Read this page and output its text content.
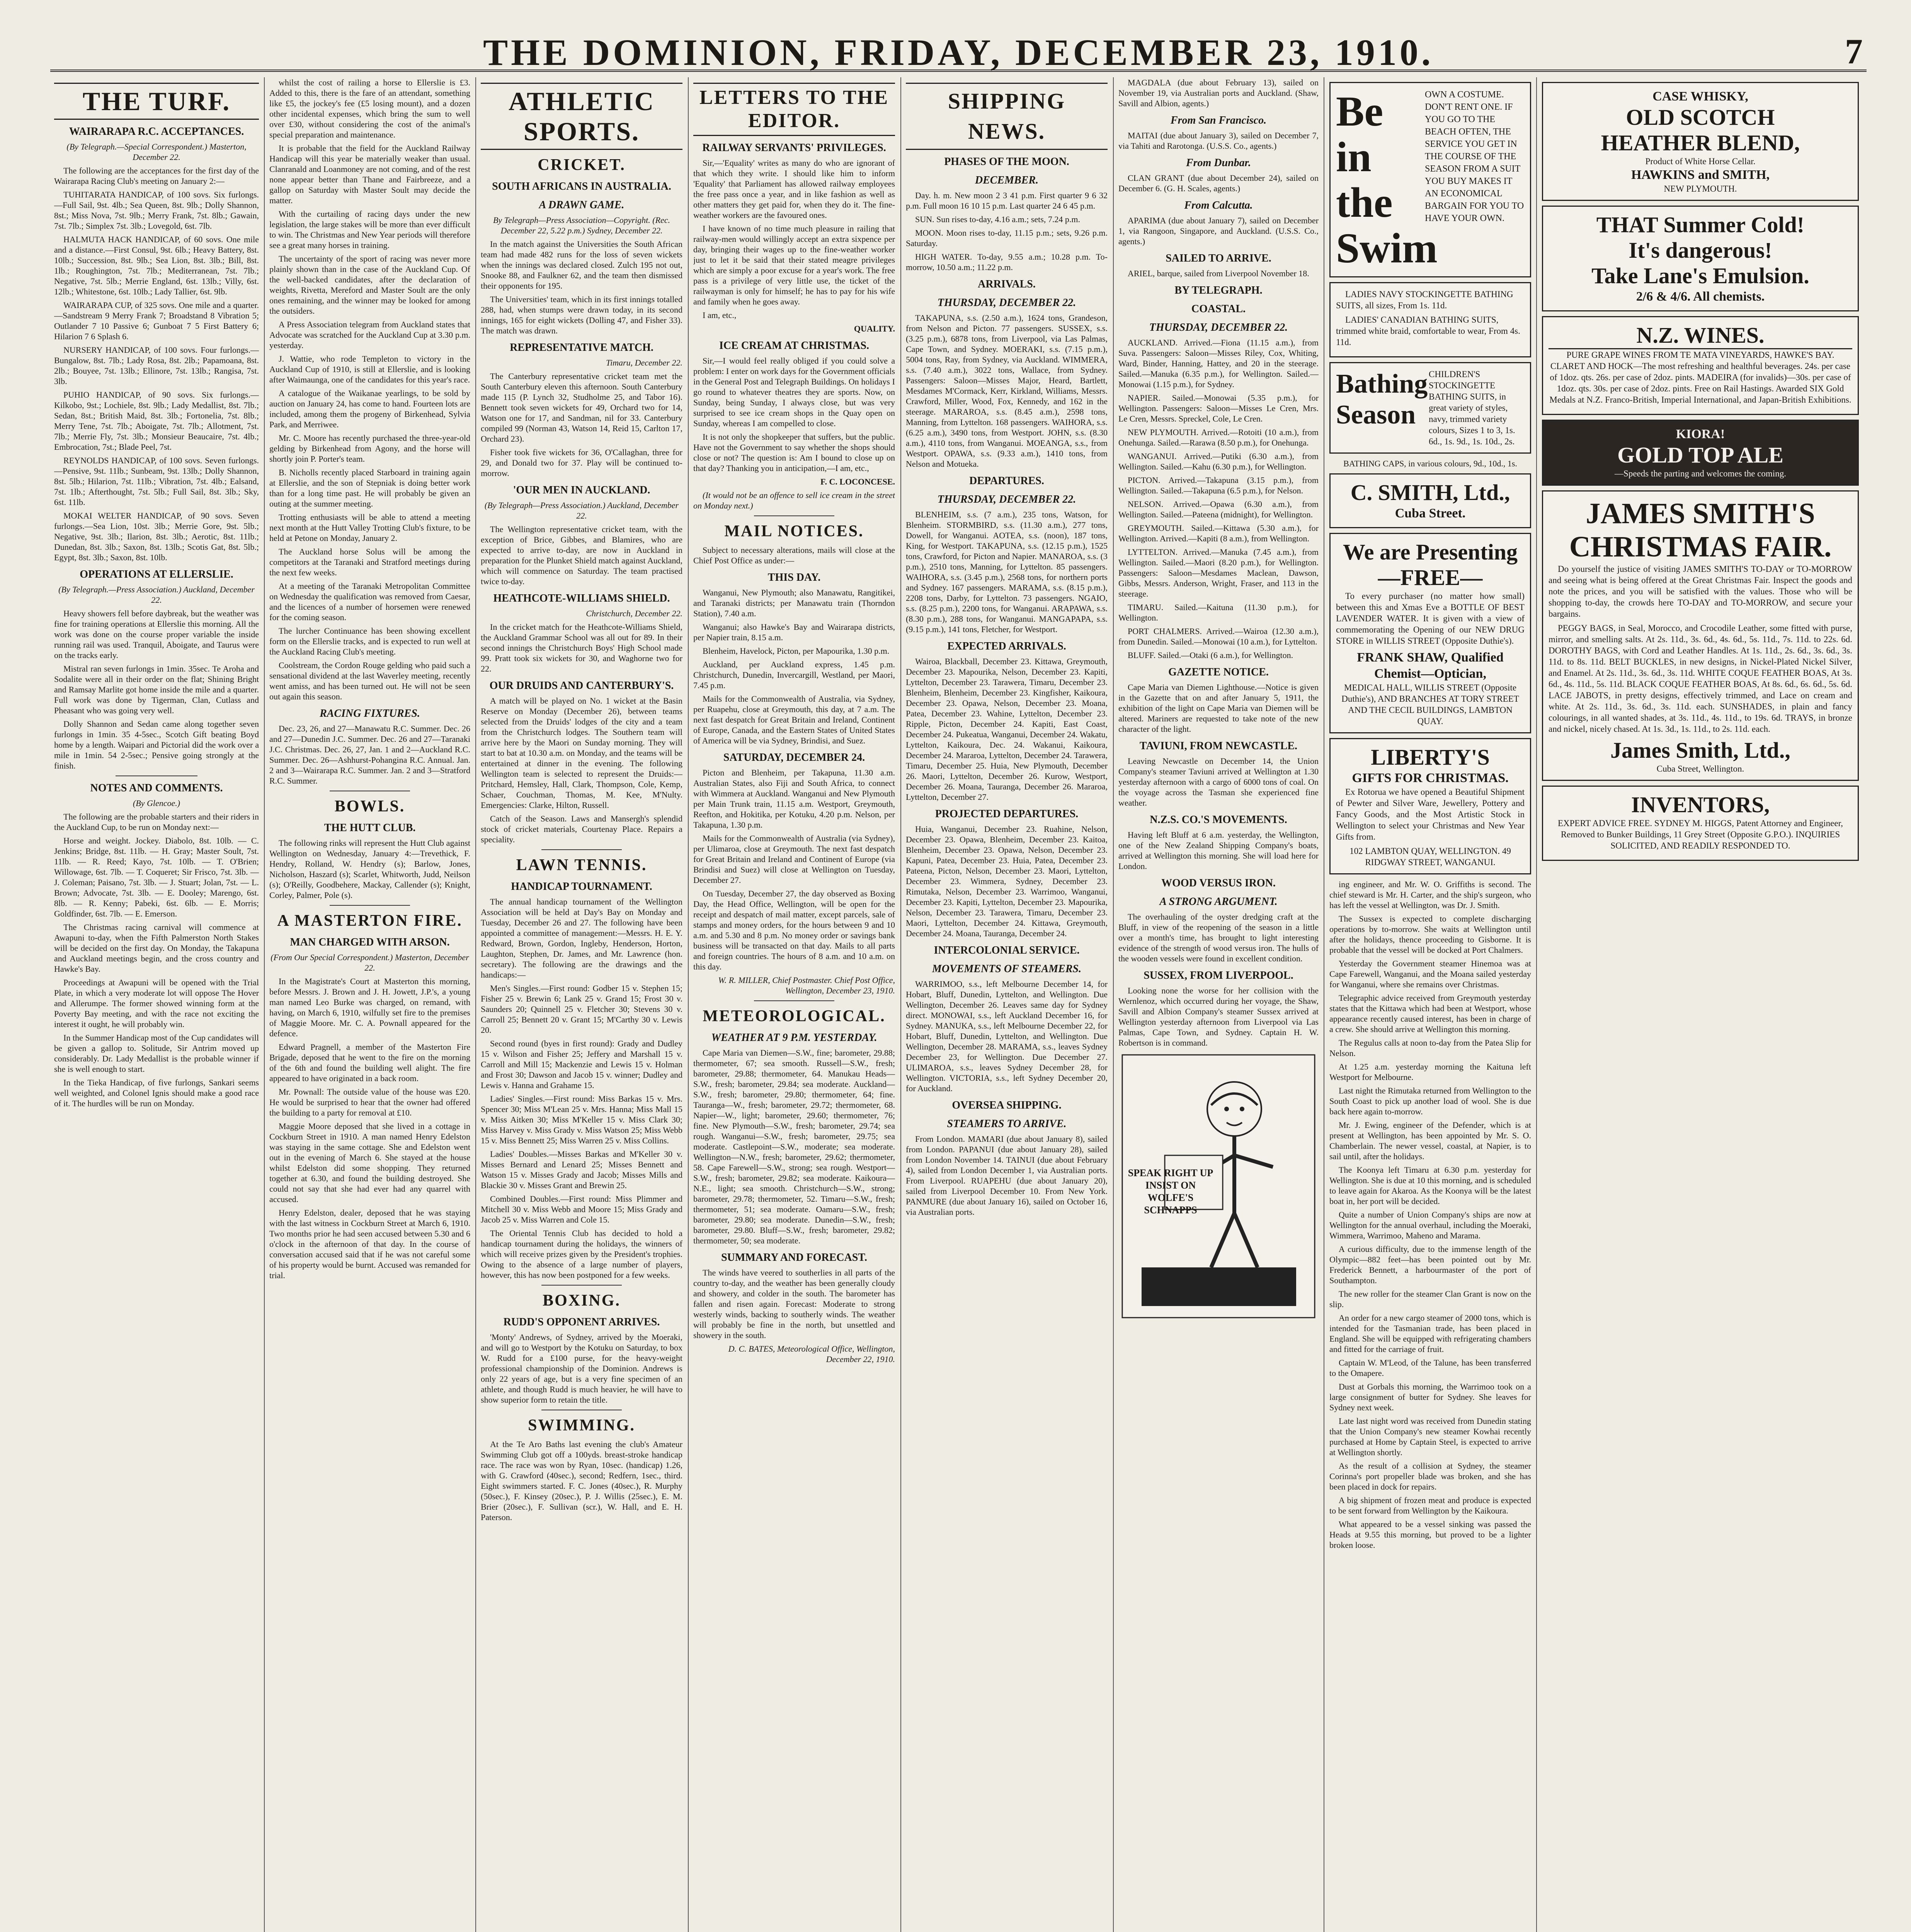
THE DOMINION, FRIDAY, DECEMBER 23, 1910.	7
THE TURF.
WAIRARAPA R.C. ACCEPTANCES.

(By Telegraph.—Special Correspondent.) Masterton, December 22.

The following are the acceptances for the first day of the Wairarapa Racing Club's meeting on January 2:—

TUHITARATA HANDICAP, of 100 sovs. Six furlongs.—Full Sail, 9st. 4lb.; Sea Queen, 8st. 9lb.; Dolly Shannon, 8st.; Miss Nova, 7st. 9lb.; Merry Frank, 7st. 8lb.; Gawain, 7st. 7lb.; Simplex 7st. 3lb.; Lovegold, 6st. 7lb.

HALMUTA HACK HANDICAP, of 60 sovs. One mile and a distance.—First Consul, 9st. 6lb.; Heavy Battery, 8st. 10lb.; Succession, 8st. 9lb.; Sea Lion, 8st. 3lb.; Bill, 8st. 1lb.; Roughington, 7st. 7lb.; Mediterranean, 7st. 7lb.; Negative, 7st. 5lb.; Merrie England, 6st. 13lb.; Villy, 6st. 12lb.; Whitestone, 6st. 10lb.; Lady Tallier, 6st. 9lb.

WAIRARAPA CUP, of 325 sovs. One mile and a quarter.—Sandstream 9 Merry Frank 7; Broadstand 8 Vibration 5; Outlander 7 10 Passive 6; Gunboat 7 5 First Battery 6; Hilarion 7 6 Splash 6.

NURSERY HANDICAP, of 100 sovs. Four furlongs.—Bungalow, 8st. 7lb.; Lady Rosa, 8st. 2lb.; Papamoana, 8st. 2lb.; Bouyee, 7st. 13lb.; Ellinore, 7st. 13lb.; Rangisa, 7st. 3lb.

PUHIO HANDICAP, of 90 sovs. Six furlongs.—Kilkobo, 9st.; Lochiele, 8st. 9lb.; Lady Medallist, 8st. 7lb.; Sedan, 8st.; British Maid, 8st. 3lb.; Fortonelia, 7st. 8lb.; Merry Tene, 7st. 7lb.; Aboigate, 7st. 7lb.; Allotment, 7st. 7lb.; Merrie Fly, 7st. 3lb.; Monsieur Beaucaire, 7st. 4lb.; Embrocation, 7st.; Blade Peel, 7st.

REYNOLDS HANDICAP, of 100 sovs. Seven furlongs.—Pensive, 9st. 11lb.; Sunbeam, 9st. 13lb.; Dolly Shannon, 8st. 5lb.; Hilarion, 7st. 11lb.; Vibration, 7st. 4lb.; Ealsand, 7st. 1lb.; Afterthought, 7st. 5lb.; Full Sail, 8st. 3lb.; Sky, 6st. 11lb.

MOKAI WELTER HANDICAP, of 90 sovs. Seven furlongs.—Sea Lion, 10st. 3lb.; Merrie Gore, 9st. 5lb.; Negative, 9st. 3lb.; Ilarion, 8st. 3lb.; Aerotic, 8st. 11lb.; Dunedan, 8st. 3lb.; Saxon, 8st. 13lb.; Scotis Gat, 8st. 5lb.; Egypt, 8st. 3lb.; Saxon, 8st. 10lb.

OPERATIONS AT ELLERSLIE.

(By Telegraph.—Press Association.) Auckland, December 22.

Heavy showers fell before daybreak, but the weather was fine for training operations at Ellerslie this morning. All the work was done on the course proper variable the inside running rail was used. Tranquil, Aboigate, and Taurus were on the tracks early.

Mistral ran seven furlongs in 1min. 35sec. Te Aroha and Sodalite were all in their order on the flat; Shining Bright and Ramsay Marlite got home inside the mile and a quarter. Full work was done by Tigerman, Clan, Cutlass and Pheasant who was going very well.

Dolly Shannon and Sedan came along together seven furlongs in 1min. 35 4-5sec., Scotch Gift beating Boyd home by a length. Waipari and Pictorial did the work over a mile in 1min. 54 2-5sec.; Pensive going strongly at the finish.

NOTES AND COMMENTS.

(By Glencoe.)

The following are the probable starters and their riders in the Auckland Cup, to be run on Monday next:—

Horse and weight. Jockey. Diabolo, 8st. 10lb. — C. Jenkins; Bridge, 8st. 11lb. — H. Gray; Master Soult, 7st. 11lb. — R. Reed; Kayo, 7st. 10lb. — T. O'Brien; Willowage, 6st. 7lb. — T. Coqueret; Sir Frisco, 7st. 3lb. — J. Coleman; Paisano, 7st. 3lb. — J. Stuart; Jolan, 7st. — L. Brown; Advocate, 7st. 3lb. — E. Dooley; Marengo, 6st. 8lb. — R. Kenny; Pabeki, 6st. 6lb. — E. Morris; Goldfinder, 6st. 7lb. — E. Emerson.

The Christmas racing carnival will commence at Awapuni to-day, when the Fifth Palmerston North Stakes will be decided on the first day. On Monday, the Takapuna and Auckland meetings begin, and the cross country and Hawke's Bay.

Proceedings at Awapuni will be opened with the Trial Plate, in which a very moderate lot will oppose The Hover and Allerumpe. The former showed winning form at the Poverty Bay meeting, and with the race not exciting the interest it ought, he will probably win.

In the Summer Handicap most of the Cup candidates will be given a gallop to. Solitude, Sir Antrim moved up considerably. Dr. Lady Medallist is the probable winner if she is well enough to start.

In the Tieka Handicap, of five furlongs, Sankari seems well weighted, and Colonel Ignis should make a good race of it. The hurdles will be run on Monday.

whilst the cost of railing a horse to Ellerslie is £3. Added to this, there is the fare of an attendant, something like £5, the jockey's fee (£5 losing mount), and a dozen other incidental expenses, which bring the sum to well over £30, without considering the cost of the animal's special preparation and maintenance.

It is probable that the field for the Auckland Railway Handicap will this year be materially weaker than usual. Clanranald and Loanmoney are not coming, and of the rest none appear better than Thane and Fairbreeze, and a gallop on Saturday with Master Soult may decide the matter.

With the curtailing of racing days under the new legislation, the large stakes will be more than ever difficult to win. The Christmas and New Year periods will therefore see a great many horses in training.

The uncertainty of the sport of racing was never more plainly shown than in the case of the Auckland Cup. Of the well-backed candidates, after the declaration of weights, Rivetta, Mereford and Master Soult are the only ones remaining, and the winner may be looked for among the outsiders.

A Press Association telegram from Auckland states that Advocate was scratched for the Auckland Cup at 3.30 p.m. yesterday.

J. Wattie, who rode Templeton to victory in the Auckland Cup of 1910, is still at Ellerslie, and is looking after Waimaunga, one of the candidates for this year's race.

A catalogue of the Waikanae yearlings, to be sold by auction on January 24, has come to hand. Fourteen lots are included, among them the progeny of Birkenhead, Sylvia Park, and Merriwee.

Mr. C. Moore has recently purchased the three-year-old gelding by Birkenhead from Agony, and the horse will shortly join P. Porter's team.

B. Nicholls recently placed Starboard in training again at Ellerslie, and the son of Stepniak is doing better work than for a long time past. He will probably be given an outing at the summer meeting.

Trotting enthusiasts will be able to attend a meeting next month at the Hutt Valley Trotting Club's fixture, to be held at Petone on Monday, January 2.

The Auckland horse Solus will be among the competitors at the Taranaki and Stratford meetings during the next few weeks.

At a meeting of the Taranaki Metropolitan Committee on Wednesday the qualification was removed from Caesar, and the licences of a number of horsemen were renewed for the coming season.

The lurcher Continuance has been showing excellent form on the Ellerslie tracks, and is expected to run well at the Auckland Racing Club's meeting.

Coolstream, the Cordon Rouge gelding who paid such a sensational dividend at the last Waverley meeting, recently went amiss, and has been turned out. He will not be seen out again this season.

RACING FIXTURES.

Dec. 23, 26, and 27—Manawatu R.C. Summer. Dec. 26 and 27—Dunedin J.C. Summer. Dec. 26 and 27—Taranaki J.C. Christmas. Dec. 26, 27, Jan. 1 and 2—Auckland R.C. Summer. Dec. 26—Ashhurst-Pohangina R.C. Annual. Jan. 2 and 3—Wairarapa R.C. Summer. Jan. 2 and 3—Stratford R.C. Summer.

BOWLS.
THE HUTT CLUB.

The following rinks will represent the Hutt Club against Wellington on Wednesday, January 4:—Trevethick, F. Hendry, Rolland, W. Hendry (s); Barlow, Jones, Nicholson, Haszard (s); Scarlet, Whitworth, Judd, Neilson (s); O'Reilly, Goodbehere, Mackay, Callender (s); Knight, Corley, Palmer, Pole (s).

A MASTERTON FIRE.
MAN CHARGED WITH ARSON.

(From Our Special Correspondent.) Masterton, December 22.

In the Magistrate's Court at Masterton this morning, before Messrs. J. Brown and J. H. Jowett, J.P.'s, a young man named Leo Burke was charged, on remand, with having, on March 6, 1910, wilfully set fire to the premises of Maggie Moore. Mr. C. A. Pownall appeared for the defence.

Edward Pragnell, a member of the Masterton Fire Brigade, deposed that he went to the fire on the morning of the 6th and found the building well alight. The fire appeared to have originated in a back room.

Mr. Pownall: The outside value of the house was £20. He would be surprised to hear that the owner had offered the building to a party for removal at £10.

Maggie Moore deposed that she lived in a cottage in Cockburn Street in 1910. A man named Henry Edelston was staying in the same cottage. She and Edelston went out in the evening of March 6. She stayed at the house whilst Edelston did some shopping. They returned together at 6.30, and found the building destroyed. She could not say that she had ever had any quarrel with accused.

Henry Edelston, dealer, deposed that he was staying with the last witness in Cockburn Street at March 6, 1910. Two months prior he had seen accused between 5.30 and 6 o'clock in the afternoon of that day. In the course of conversation accused said that if he was not careful some of his property would be burnt. Accused was remanded for trial.

ATHLETIC SPORTS.
CRICKET.
SOUTH AFRICANS IN AUSTRALIA.
A DRAWN GAME.

By Telegraph—Press Association—Copyright. (Rec. December 22, 5.22 p.m.) Sydney, December 22.

In the match against the Universities the South African team had made 482 runs for the loss of seven wickets when the innings was declared closed. Zulch 195 not out, Snooke 88, and Faulkner 62, and the team then dismissed their opponents for 195.

The Universities' team, which in its first innings totalled 288, had, when stumps were drawn today, in its second innings, 165 for eight wickets (Dolling 47, and Fisher 33). The match was drawn.

REPRESENTATIVE MATCH.

Timaru, December 22.

The Canterbury representative cricket team met the South Canterbury eleven this afternoon. South Canterbury made 115 (P. Lynch 32, Studholme 25, and Tabor 16). Bennett took seven wickets for 49, Orchard two for 14, Watson one for 17, and Sandman, nil for 33. Canterbury compiled 99 (Norman 43, Watson 14, Reid 15, Carlton 17, Orchard 23).

Fisher took five wickets for 36, O'Callaghan, three for 29, and Donald two for 37. Play will be continued to-morrow.

'OUR MEN IN AUCKLAND.

(By Telegraph—Press Association.) Auckland, December 22.

The Wellington representative cricket team, with the exception of Brice, Gibbes, and Blamires, who are expected to arrive to-day, are now in Auckland in preparation for the Plunket Shield match against Auckland, which will commence on Saturday. The team practised twice to-day.

HEATHCOTE-WILLIAMS SHIELD.

Christchurch, December 22.

In the cricket match for the Heathcote-Williams Shield, the Auckland Grammar School was all out for 89. In their second innings the Christchurch Boys' High School made 99. Pratt took six wickets for 30, and Waghorne two for 22.

OUR DRUIDS AND CANTERBURY'S.

A match will be played on No. 1 wicket at the Basin Reserve on Monday (December 26), between teams selected from the Druids' lodges of the city and a team from the Christchurch lodges. The Southern team will arrive here by the Maori on Sunday morning. They will start to bat at 10.30 a.m. on Monday, and the teams will be entertained at dinner in the evening. The following Wellington team is selected to represent the Druids:— Pritchard, Hemsley, Hall, Clark, Thompson, Cole, Kemp, Schaer, Couchman, Thomas, M. Kee, M'Nulty. Emergencies: Clarke, Hilton, Russell.

Catch of the Season. Laws and Mansergh's splendid stock of cricket materials, Courtenay Place. Repairs a speciality.

LAWN TENNIS.
HANDICAP TOURNAMENT.

The annual handicap tournament of the Wellington Association will be held at Day's Bay on Monday and Tuesday, December 26 and 27. The following have been appointed a committee of management:—Messrs. H. E. Y. Redward, Brown, Gordon, Ingleby, Henderson, Horton, Laughton, Stephen, Dr. James, and Mr. Lawrence (hon. secretary). The following are the drawings and the handicaps:—

Men's Singles.—First round: Godber 15 v. Stephen 15; Fisher 25 v. Brewin 6; Lank 25 v. Grand 15; Frost 30 v. Saunders 20; Quinnell 25 v. Fletcher 30; Stevens 30 v. Carroll 25; Bennett 20 v. Grant 15; M'Carthy 30 v. Lewis 20.

Second round (byes in first round): Grady and Dudley 15 v. Wilson and Fisher 25; Jeffery and Marshall 15 v. Carroll and Mill 15; Mackenzie and Lewis 15 v. Holman and Frost 30; Dawson and Jacob 15 v. winner; Dudley and Lewis v. Hanna and Grahame 15.

Ladies' Singles.—First round: Miss Barkas 15 v. Mrs. Spencer 30; Miss M'Lean 25 v. Mrs. Hanna; Miss Mall 15 v. Miss Aitken 30; Miss M'Keller 15 v. Miss Clark 30; Miss Harvey v. Miss Grady v. Miss Watson 25; Miss Webb 15 v. Miss Bennett 25; Miss Warren 25 v. Miss Collins.

Ladies' Doubles.—Misses Barkas and M'Keller 30 v. Misses Bernard and Lenard 25; Misses Bennett and Watson 15 v. Misses Grady and Jacob; Misses Mills and Blackie 30 v. Misses Grant and Brewin 25.

Combined Doubles.—First round: Miss Plimmer and Mitchell 30 v. Miss Webb and Moore 15; Miss Grady and Jacob 25 v. Miss Warren and Cole 15.

The Oriental Tennis Club has decided to hold a handicap tournament during the holidays, the winners of which will receive prizes given by the President's trophies. Owing to the absence of a large number of players, however, this has now been postponed for a few weeks.

BOXING.
RUDD'S OPPONENT ARRIVES.

'Monty' Andrews, of Sydney, arrived by the Moeraki, and will go to Westport by the Kotuku on Saturday, to box W. Rudd for a £100 purse, for the heavy-weight professional championship of the Dominion. Andrews is only 22 years of age, but is a very fine specimen of an athlete, and though Rudd is much heavier, he will have to show superior form to retain the title.

SWIMMING.

At the Te Aro Baths last evening the club's Amateur Swimming Club got off a 100yds. breast-stroke handicap race. The race was won by Ryan, 10sec. (handicap) 1.26, with G. Crawford (40sec.), second; Redfern, 1sec., third. Eight swimmers started. F. C. Jones (40sec.), R. Murphy (50sec.), F. Kinsey (20sec.), P. J. Willis (25sec.), E. M. Brier (20sec.), F. Sullivan (scr.), W. Hall, and E. H. Paterson.

LETTERS TO THE EDITOR.
RAILWAY SERVANTS' PRIVILEGES.

Sir,—'Equality' writes as many do who are ignorant of that which they write. I should like him to inform 'Equality' that Parliament has allowed railway employees the free pass once a year, and in like fashion as well as other matters they get paid for, when they do it. The fine-weather workers are the favoured ones.

I have known of no time much pleasure in railing that railway-men would willingly accept an extra sixpence per day, bringing their wages up to the fine-weather worker just to let it be said that their stated meagre privileges which are simply a poor excuse for a year's work. The free pass is a privilege of very little use, the ticket of the railwayman is only for himself; he has to pay for his wife and family when he goes away.

I am, etc.,

QUALITY.

ICE CREAM AT CHRISTMAS.

Sir,—I would feel really obliged if you could solve a problem: I enter on work days for the Government officials in the General Post and Telegraph Buildings. On holidays I go round to whatever theatres they are sports. Now, on Sunday, being Sunday, I always close, but was very surprised to see ice cream shops in the Quay open on Sunday, whereas I am compelled to close.

It is not only the shopkeeper that suffers, but the public. Have not the Government to say whether the shops should close or not? The question is: Am I bound to close up on that day? Thanking you in anticipation,—I am, etc.,

F. C. LOCONCESE.

(It would not be an offence to sell ice cream in the street on Monday next.)

MAIL NOTICES.

Subject to necessary alterations, mails will close at the Chief Post Office as under:—

THIS DAY.

Wanganui, New Plymouth; also Manawatu, Rangitikei, and Taranaki districts; per Manawatu train (Thorndon Station), 7.40 a.m.

Wanganui; also Hawke's Bay and Wairarapa districts, per Napier train, 8.15 a.m.

Blenheim, Havelock, Picton, per Mapourika, 1.30 p.m.

Auckland, per Auckland express, 1.45 p.m. Christchurch, Dunedin, Invercargill, Westland, per Maori, 7.45 p.m.

Mails for the Commonwealth of Australia, via Sydney, per Ruapehu, close at Greymouth, this day, at 7 a.m. The next fast despatch for Great Britain and Ireland, Continent of Europe, Canada, and the Eastern States of United States of America will be via Sydney, Brindisi, and Suez.

SATURDAY, DECEMBER 24.

Picton and Blenheim, per Takapuna, 11.30 a.m. Australian States, also Fiji and South Africa, to connect with Wimmera at Auckland. Wanganui and New Plymouth per Main Trunk train, 11.15 a.m. Westport, Greymouth, Reefton, and Hokitika, per Kotuku, 4.20 p.m. Nelson, per Takapuna, 1.30 p.m.

Mails for the Commonwealth of Australia (via Sydney), per Ulimaroa, close at Greymouth. The next fast despatch for Great Britain and Ireland and Continent of Europe (via Brindisi and Suez) will close at Wellington on Tuesday, December 27.

On Tuesday, December 27, the day observed as Boxing Day, the Head Office, Wellington, will be open for the receipt and despatch of mail matter, except parcels, sale of stamps and money orders, for the hours between 9 and 10 a.m. and 5.30 and 8 p.m. No money order or savings bank business will be transacted on that day. Mails to all parts and foreign countries. The hours of 8 a.m. and 10 a.m. on this day.

W. R. MILLER, Chief Postmaster. Chief Post Office, Wellington, December 23, 1910.

METEOROLOGICAL.
WEATHER AT 9 P.M. YESTERDAY.

Cape Maria van Diemen—S.W., fine; barometer, 29.88; thermometer, 67; sea smooth. Russell—S.W., fresh; barometer, 29.88; thermometer, 64. Manukau Heads—S.W., fresh; barometer, 29.84; sea moderate. Auckland—S.W., fresh; barometer, 29.80; thermometer, 64; fine. Tauranga—W., fresh; barometer, 29.72; thermometer, 68. Napier—W., light; barometer, 29.60; thermometer, 76; fine. New Plymouth—S.W., fresh; barometer, 29.74; sea rough. Wanganui—S.W., fresh; barometer, 29.75; sea moderate. Castlepoint—S.W., moderate; sea moderate. Wellington—N.W., fresh; barometer, 29.62; thermometer, 58. Cape Farewell—S.W., strong; sea rough. Westport—S.W., fresh; barometer, 29.82; sea moderate. Kaikoura—N.E., light; sea smooth. Christchurch—S.W., strong; barometer, 29.78; thermometer, 52. Timaru—S.W., fresh; thermometer, 51; sea moderate. Oamaru—S.W., fresh; barometer, 29.80; sea moderate. Dunedin—S.W., fresh; barometer, 29.80. Bluff—S.W., fresh; barometer, 29.82; thermometer, 50; sea moderate.

SUMMARY AND FORECAST.

The winds have veered to southerlies in all parts of the country to-day, and the weather has been generally cloudy and showery, and colder in the south. The barometer has fallen and risen again. Forecast: Moderate to strong westerly winds, backing to southerly winds. The weather will probably be fine in the north, but unsettled and showery in the south.

D. C. BATES, Meteorological Office, Wellington, December 22, 1910.

SHIPPING NEWS.
PHASES OF THE MOON.
DECEMBER.

Day. h. m. New moon 2 3 41 p.m. First quarter 9 6 32 p.m. Full moon 16 10 15 p.m. Last quarter 24 6 45 p.m.

SUN. Sun rises to-day, 4.16 a.m.; sets, 7.24 p.m.

MOON. Moon rises to-day, 11.15 p.m.; sets, 9.26 p.m. Saturday.

HIGH WATER. To-day, 9.55 a.m.; 10.28 p.m. To-morrow, 10.50 a.m.; 11.22 p.m.

ARRIVALS.
THURSDAY, DECEMBER 22.

TAKAPUNA, s.s. (2.50 a.m.), 1624 tons, Grandeson, from Nelson and Picton. 77 passengers. SUSSEX, s.s. (3.25 p.m.), 6878 tons, from Liverpool, via Las Palmas, Cape Town, and Sydney. MOERAKI, s.s. (7.15 p.m.), 5004 tons, Ray, from Sydney, via Auckland. WIMMERA, s.s. (7.40 a.m.), 3022 tons, Wallace, from Sydney. Passengers: Saloon—Misses Major, Heard, Bartlett, Mesdames M'Cormack, Kerr, Kirkland, Williams, Messrs. Crawford, Miller, Wood, Fox, Kennedy, and 162 in the steerage. MARAROA, s.s. (8.45 a.m.), 2598 tons, Manning, from Lyttelton. 168 passengers. WAIHORA, s.s. (6.25 a.m.), 3490 tons, from Westport. JOHN, s.s. (8.30 a.m.), 4110 tons, from Wanganui. MOEANGA, s.s., from Westport. OPAWA, s.s. (9.33 a.m.), 1410 tons, from Nelson and Motueka.

DEPARTURES.
THURSDAY, DECEMBER 22.

BLENHEIM, s.s. (7 a.m.), 235 tons, Watson, for Blenheim. STORMBIRD, s.s. (11.30 a.m.), 277 tons, Dowell, for Wanganui. AOTEA, s.s. (noon), 187 tons, King, for Westport. TAKAPUNA, s.s. (12.15 p.m.), 1525 tons, Crawford, for Picton and Napier. MANAROA, s.s. (3 p.m.), 2510 tons, Manning, for Lyttelton. 85 passengers. WAIHORA, s.s. (3.45 p.m.), 2568 tons, for northern ports and Sydney. 167 passengers. MARAMA, s.s. (8.15 p.m.), 2208 tons, Darby, for Lyttelton. 73 passengers. NGAIO, s.s. (8.25 p.m.), 2200 tons, for Wanganui. ARAPAWA, s.s. (8.30 p.m.), 288 tons, for Wanganui. MANGAPAPA, s.s. (9.15 p.m.), 141 tons, Fletcher, for Westport.

EXPECTED ARRIVALS.

Wairoa, Blackball, December 23. Kittawa, Greymouth, December 23. Mapourika, Nelson, December 23. Kapiti, Lyttelton, December 23. Tarawera, Timaru, December 23. Blenheim, Blenheim, December 23. Kingfisher, Kaikoura, December 23. Opawa, Nelson, December 23. Moana, Patea, December 23. Wahine, Lyttelton, December 23. Ripple, Picton, December 24. Kapiti, East Coast, December 24. Pukeatua, Wanganui, December 24. Wakatu, Lyttelton, Kaikoura, Dec. 24. Wakanui, Kaikoura, December 24. Mararoa, Lyttelton, December 24. Tarawera, Timaru, December 25. Huia, New Plymouth, December 26. Maori, Lyttelton, December 26. Kurow, Westport, December 26. Moana, Tauranga, December 26. Mararoa, Lyttelton, December 27.

PROJECTED DEPARTURES.

Huia, Wanganui, December 23. Ruahine, Nelson, December 23. Opawa, Blenheim, December 23. Kaitoa, Blenheim, December 23. Opawa, Nelson, December 23. Kapuni, Patea, December 23. Huia, Patea, December 23. Pateena, Picton, Nelson, December 23. Maori, Lyttelton, December 23. Wimmera, Sydney, December 23. Rimutaka, Nelson, December 23. Warrimoo, Wanganui, December 23. Kapiti, Lyttelton, December 23. Mapourika, Nelson, December 23. Tarawera, Timaru, December 23. Maori, Lyttelton, December 24. Kittawa, Greymouth, December 24. Moana, Tauranga, December 24.

INTERCOLONIAL SERVICE.
MOVEMENTS OF STEAMERS.

WARRIMOO, s.s., left Melbourne December 14, for Hobart, Bluff, Dunedin, Lyttelton, and Wellington. Due Wellington, December 26. Leaves same day for Sydney direct. MONOWAI, s.s., left Auckland December 16, for Sydney. MANUKA, s.s., left Melbourne December 22, for Hobart, Bluff, Dunedin, Lyttelton, and Wellington. Due Wellington, December 28. MARAMA, s.s., leaves Sydney December 23, for Wellington. Due December 27. ULIMAROA, s.s., leaves Sydney December 28, for Wellington. VICTORIA, s.s., left Sydney December 20, for Auckland.

OVERSEA SHIPPING.
STEAMERS TO ARRIVE.

From London. MAMARI (due about January 8), sailed from London. PAPANUI (due about January 28), sailed from London November 14. TAINUI (due about February 4), sailed from London December 1, via Australian ports. From Liverpool. RUAPEHU (due about January 20), sailed from Liverpool December 10. From New York. PANMURE (due about January 16), sailed on October 16, via Australian ports.

MAGDALA (due about February 13), sailed on November 19, via Australian ports and Auckland. (Shaw, Savill and Albion, agents.)

From San Francisco.

MAITAI (due about January 3), sailed on December 7, via Tahiti and Rarotonga. (U.S.S. Co., agents.)

From Dunbar.

CLAN GRANT (due about December 24), sailed on December 6. (G. H. Scales, agents.)

From Calcutta.

APARIMA (due about January 7), sailed on December 1, via Rangoon, Singapore, and Auckland. (U.S.S. Co., agents.)

SAILED TO ARRIVE.

ARIEL, barque, sailed from Liverpool November 18.

BY TELEGRAPH.
COASTAL.
THURSDAY, DECEMBER 22.

AUCKLAND. Arrived.—Fiona (11.15 a.m.), from Suva. Passengers: Saloon—Misses Riley, Cox, Whiting, Ward, Binder, Hanning, Hattey, and 20 in the steerage. Sailed.—Manuka (6.35 p.m.), for Wellington. Sailed.—Monowai (1.15 p.m.), for Sydney.

NAPIER. Sailed.—Monowai (5.35 p.m.), for Wellington. Passengers: Saloon—Misses Le Cren, Mrs. Le Cren, Messrs. Spreckel, Cole, Le Cren.

NEW PLYMOUTH. Arrived.—Rotoiti (10 a.m.), from Onehunga. Sailed.—Rarawa (8.50 p.m.), for Onehunga.

WANGANUI. Arrived.—Putiki (6.30 a.m.), from Wellington. Sailed.—Kahu (6.30 p.m.), for Wellington.

PICTON. Arrived.—Takapuna (3.15 p.m.), from Wellington. Sailed.—Takapuna (6.5 p.m.), for Nelson.

NELSON. Arrived.—Opawa (6.30 a.m.), from Wellington. Sailed.—Pateena (midnight), for Wellington.

GREYMOUTH. Sailed.—Kittawa (5.30 a.m.), for Wellington. Arrived.—Kapiti (8 a.m.), from Wellington.

LYTTELTON. Arrived.—Manuka (7.45 a.m.), from Wellington. Sailed.—Maori (8.20 p.m.), for Wellington. Passengers: Saloon—Mesdames Maclean, Dawson, Gibbs, Messrs. Anderson, Wright, Fraser, and 113 in the steerage.

TIMARU. Sailed.—Kaituna (11.30 p.m.), for Wellington.

PORT CHALMERS. Arrived.—Wairoa (12.30 a.m.), from Dunedin. Sailed.—Monowai (10 a.m.), for Lyttelton.

BLUFF. Sailed.—Otaki (6 a.m.), for Wellington.

GAZETTE NOTICE.

Cape Maria van Diemen Lighthouse.—Notice is given in the Gazette that on and after January 5, 1911, the exhibition of the light on Cape Maria van Diemen will be altered. Mariners are requested to take note of the new character of the light.

TAVIUNI, FROM NEWCASTLE.

Leaving Newcastle on December 14, the Union Company's steamer Taviuni arrived at Wellington at 1.30 yesterday afternoon with a cargo of 6000 tons of coal. On the voyage across the Tasman she experienced fine weather.

N.Z.S. CO.'S MOVEMENTS.

Having left Bluff at 6 a.m. yesterday, the Wellington, one of the New Zealand Shipping Company's boats, arrived at Wellington this morning. She will load here for London.

WOOD VERSUS IRON.
A STRONG ARGUMENT.

The overhauling of the oyster dredging craft at the Bluff, in view of the reopening of the season in a little over a month's time, has brought to light interesting evidence of the strength of wood versus iron. The hulls of the wooden vessels were found in excellent condition.

SUSSEX, FROM LIVERPOOL.

Looking none the worse for her collision with the Wernlenoz, which occurred during her voyage, the Shaw, Savill and Albion Company's steamer Sussex arrived at Wellington yesterday afternoon from Liverpool via Las Palmas, Cape Town, and Sydney. Captain H. W. Robertson is in command.

SPEAK RIGHT UP INSIST ON WOLFE'S SCHNAPPS
Be in
the
Swim
OWN A COSTUME. DON'T RENT ONE. IF YOU GO TO THE BEACH OFTEN, THE SERVICE YOU GET IN THE COURSE OF THE SEASON FROM A SUIT YOU BUY MAKES IT AN ECONOMICAL BARGAIN FOR YOU TO HAVE YOUR OWN.

LADIES NAVY STOCKINGETTE BATHING SUITS, all sizes, From 1s. 11d.

LADIES' CANADIAN BATHING SUITS, trimmed white braid, comfortable to wear, From 4s. 11d.

Bathing Season
CHILDREN'S STOCKINGETTE BATHING SUITS, in great variety of styles, navy, trimmed variety colours, Sizes 1 to 3, 1s. 6d., 1s. 9d., 1s. 10d., 2s.
BATHING CAPS, in various colours, 9d., 10d., 1s.
C. SMITH, Ltd.,
Cuba Street.
We are Presenting—FREE—

To every purchaser (no matter how small) between this and Xmas Eve a BOTTLE OF BEST LAVENDER WATER. It is given with a view of commemorating the Opening of our NEW DRUG STORE in WILLIS STREET (Opposite Duthie's).

FRANK SHAW, Qualified Chemist—Optician,
MEDICAL HALL, WILLIS STREET (Opposite Duthie's), AND BRANCHES AT TORY STREET AND THE CECIL BUILDINGS, LAMBTON QUAY.
LIBERTY'S
GIFTS FOR CHRISTMAS.

Ex Rotorua we have opened a Beautiful Shipment of Pewter and Silver Ware, Jewellery, Pottery and Fancy Goods, and the Most Artistic Stock in Wellington to select your Christmas and New Year Gifts from.

102 LAMBTON QUAY, WELLINGTON. 49 RIDGWAY STREET, WANGANUI.

ing engineer, and Mr. W. O. Griffiths is second. The chief steward is Mr. H. Carter, and the ship's surgeon, who has left the vessel at Wellington, was Dr. J. Smith.

The Sussex is expected to complete discharging operations by to-morrow. She waits at Wellington until after the holidays, thence proceeding to Gisborne. It is probable that the vessel will be docked at Port Chalmers.

Yesterday the Government steamer Hinemoa was at Cape Farewell, Wanganui, and the Moana sailed yesterday for Wanganui, where she remains over Christmas.

Telegraphic advice received from Greymouth yesterday states that the Kittawa which had been at Westport, whose appearance recently caused interest, has been in charge of a crew. She should arrive at Wellington this morning.

The Regulus calls at noon to-day from the Patea Slip for Nelson.

At 1.25 a.m. yesterday morning the Kaituna left Westport for Melbourne.

Last night the Rimutaka returned from Wellington to the South Coast to pick up another load of wool. She is due back here again to-morrow.

Mr. J. Ewing, engineer of the Defender, which is at present at Wellington, has been appointed by Mr. S. O. Chamberlain. The newer vessel, coastal, at Napier, is to sail until, after the holidays.

The Koonya left Timaru at 6.30 p.m. yesterday for Wellington. She is due at 10 this morning, and is scheduled to leave again for Akaroa. As the Koonya will be the latest boat in, her port will be decided.

Quite a number of Union Company's ships are now at Wellington for the annual overhaul, including the Moeraki, Wimmera, Warrimoo, Maheno and Marama.

A curious difficulty, due to the immense length of the Olympic—882 feet—has been pointed out by Mr. Frederick Bennett, a harbourmaster of the port of Southampton.

The new roller for the steamer Clan Grant is now on the slip.

An order for a new cargo steamer of 2000 tons, which is intended for the Tasmanian trade, has been placed in England. She will be equipped with refrigerating chambers and fitted for the carriage of fruit.

Captain W. M'Leod, of the Talune, has been transferred to the Omapere.

Dust at Gorbals this morning, the Warrimoo took on a large consignment of butter for Sydney. She leaves for Sydney next week.

Late last night word was received from Dunedin stating that the Union Company's new steamer Kowhai recently purchased at Home by Captain Steel, is expected to arrive at Wellington shortly.

As the result of a collision at Sydney, the steamer Corinna's port propeller blade was broken, and she has been placed in dock for repairs.

A big shipment of frozen meat and produce is expected to be sent forward from Wellington by the Kaikoura.

What appeared to be a vessel sinking was passed the Heads at 9.55 this morning, but proved to be a lighter broken loose.

CASE WHISKY,
OLD SCOTCH
HEATHER BLEND,
Product of White Horse Cellar.
HAWKINS and SMITH,
NEW PLYMOUTH.
THAT Summer Cold!
It's dangerous!
Take Lane's Emulsion.
2/6 & 4/6. All chemists.
N.Z. WINES.

PURE GRAPE WINES FROM TE MATA VINEYARDS, HAWKE'S BAY. CLARET AND HOCK—The most refreshing and healthful beverages. 24s. per case of 1doz. qts. 26s. per case of 2doz. pints. MADEIRA (for invalids)—30s. per case of 1doz. qts. 30s. per case of 2doz. pints. Free on Rail Hastings. Awarded SIX Gold Medals at N.Z. Franco-British, Imperial International, and Japan-British Exhibitions.

KIORA!
GOLD TOP ALE
—Speeds the parting and welcomes the coming.
JAMES SMITH'S CHRISTMAS FAIR.

Do yourself the justice of visiting JAMES SMITH'S TO-DAY or TO-MORROW and seeing what is being offered at the Great Christmas Fair. Inspect the goods and note the prices, and you will be satisfied with the values. Those who will be shopping to-day, the crowds here TO-DAY and TO-MORROW, and secure your bargains.

PEGGY BAGS, in Seal, Morocco, and Crocodile Leather, some fitted with purse, mirror, and smelling salts. At 2s. 11d., 3s. 6d., 4s. 6d., 5s. 11d., 7s. 11d. to 22s. 6d. DOROTHY BAGS, with Cord and Leather Handles. At 1s. 11d., 2s. 6d., 3s. 6d., 3s. 11d. to 8s. 11d. BELT BUCKLES, in new designs, in Nickel-Plated Nickel Silver, and Enamel. At 2s. 11d., 3s. 6d., 3s. 11d. WHITE COQUE FEATHER BOAS, At 3s. 6d., 4s. 11d., 5s. 11d. BLACK COQUE FEATHER BOAS, At 8s. 6d., 6s. 6d., 5s. 6d. LACE JABOTS, in pretty designs, effectively trimmed, and Lace on cream and white. At 2s. 11d., 3s. 6d., 3s. 11d. each. SUNSHADES, in plain and fancy colourings, in all wanted shades, at 3s. 11d., 4s. 11d., to 19s. 6d. TRAYS, in bronze and nickel, nicely chased. At 1s. 3d., 1s. 11d., to 2s. 11d. each.

James Smith, Ltd.,
Cuba Street, Wellington.
INVENTORS,

EXPERT ADVICE FREE. SYDNEY M. HIGGS, Patent Attorney and Engineer, Removed to Bunker Buildings, 11 Grey Street (Opposite G.P.O.). INQUIRIES SOLICITED, AND READILY RESPONDED TO.
